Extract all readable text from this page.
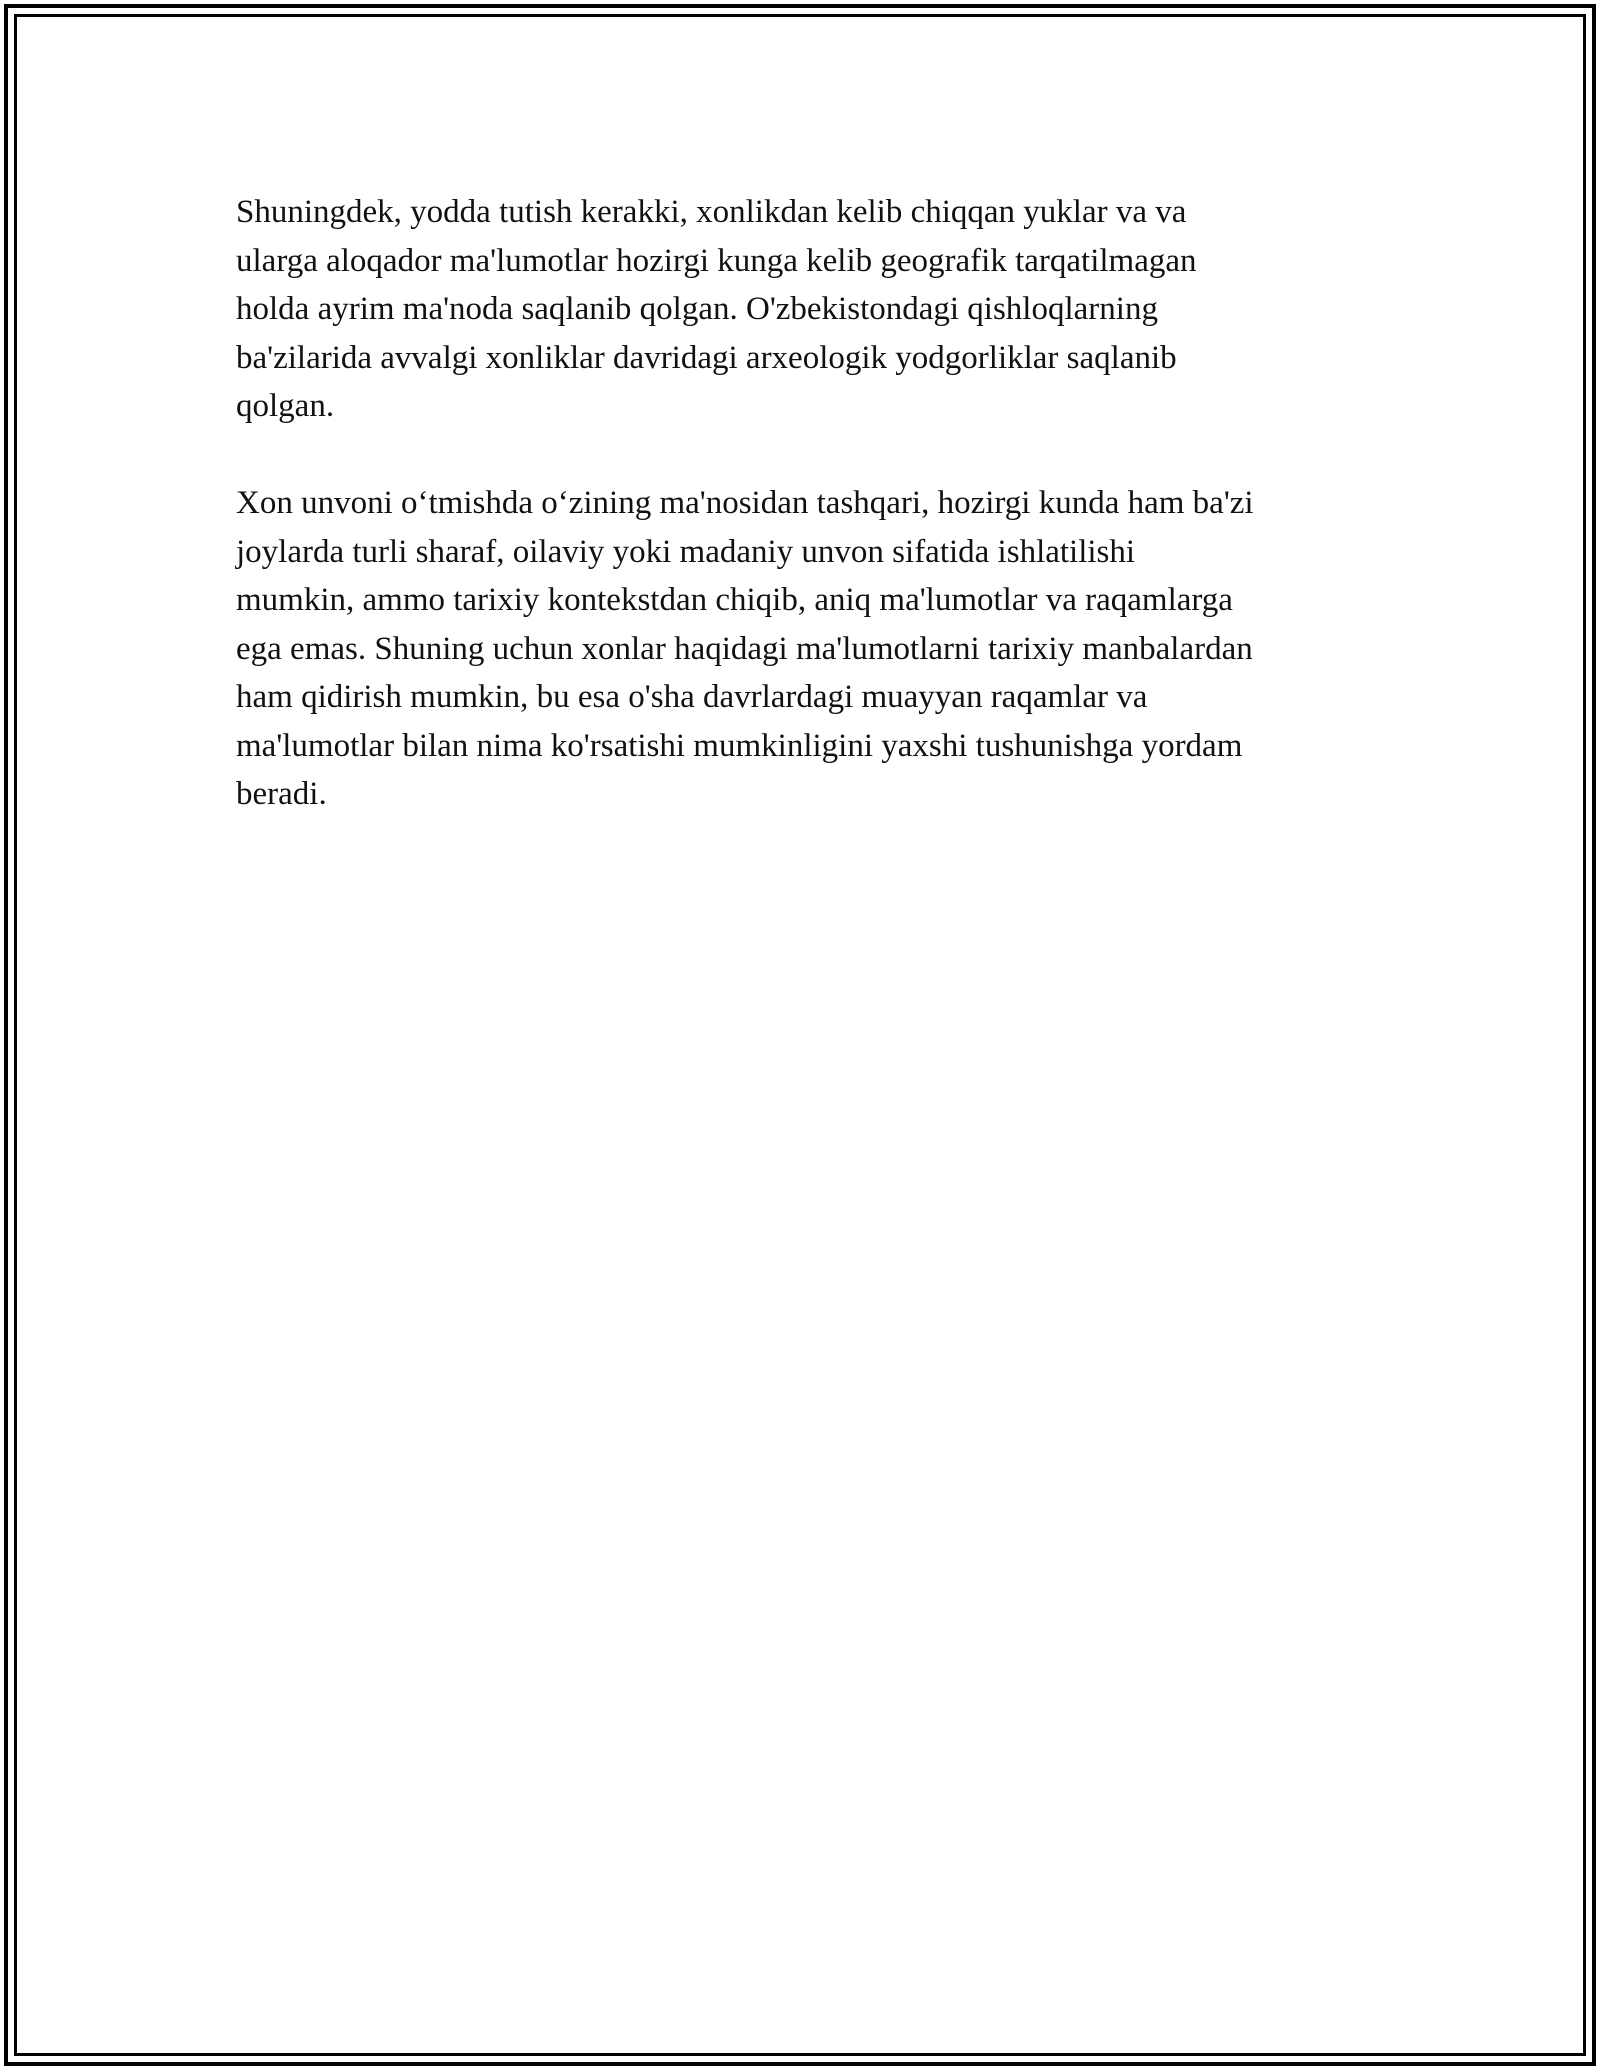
Shuningdek, yodda tutish kerakki, xonlikdan kelib chiqqan yuklar va va
ularga aloqador ma'lumotlar hozirgi kunga kelib geografik tarqatilmagan
holda ayrim ma'noda saqlanib qolgan. O'zbekistondagi qishloqlarning
ba'zilarida avvalgi xonliklar davridagi arxeologik yodgorliklar saqlanib
qolgan.

Xon unvoni o‘tmishda o‘zining ma'nosidan tashqari, hozirgi kunda ham ba'zi
joylarda turli sharaf, oilaviy yoki madaniy unvon sifatida ishlatilishi
mumkin, ammo tarixiy kontekstdan chiqib, aniq ma'lumotlar va raqamlarga
ega emas. Shuning uchun xonlar haqidagi ma'lumotlarni tarixiy manbalardan
ham qidirish mumkin, bu esa o'sha davrlardagi muayyan raqamlar va
ma'lumotlar bilan nima ko'rsatishi mumkinligini yaxshi tushunishga yordam
beradi.
